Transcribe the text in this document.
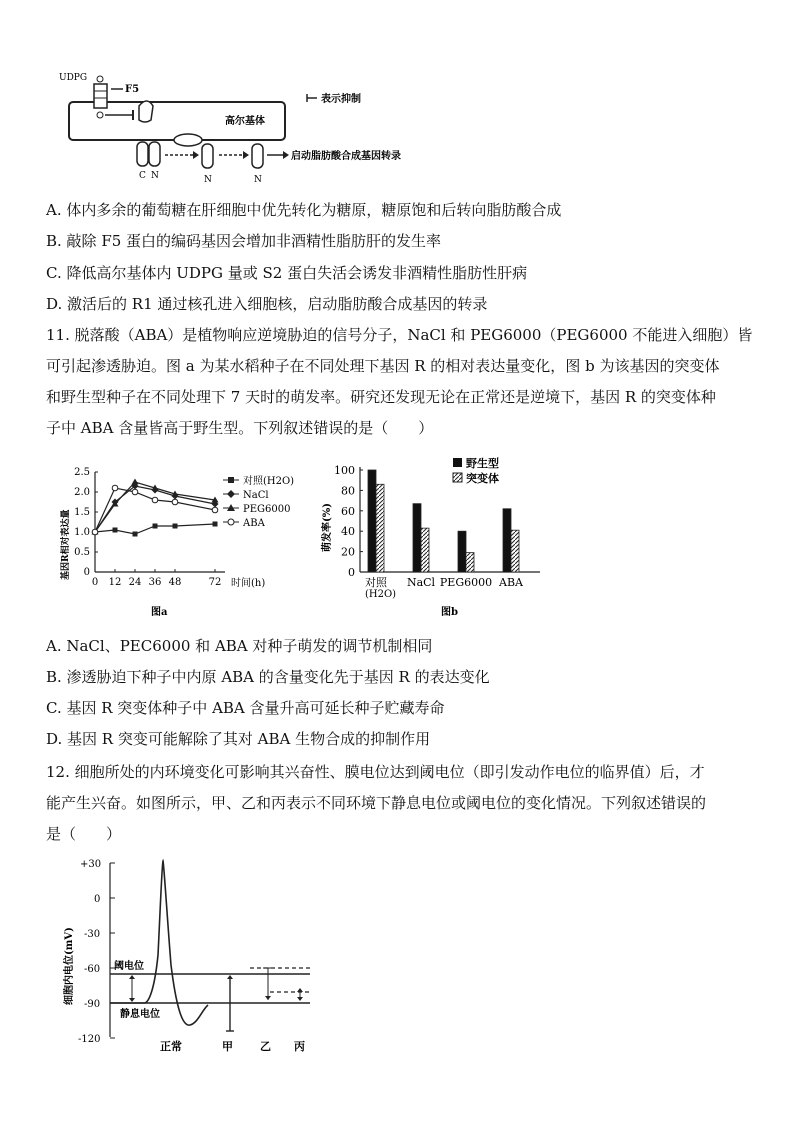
UDPG
F5
高尔基体
表示抑制
C N	N	N
启动脂肪酸合成基因转录
A. 体内多余的葡萄糖在肝细胞中优先转化为糖原，糖原饱和后转向脂肪酸合成
B. 敲除 F5 蛋白的编码基因会增加非酒精性脂肪肝的发生率
C. 降低高尔基体内 UDPG 量或 S2 蛋白失活会诱发非酒精性脂肪性肝病
D. 激活后的 R1 通过核孔进入细胞核，启动脂肪酸合成基因的转录
11. 脱落酸（ABA）是植物响应逆境胁迫的信号分子，NaCl 和 PEG6000（PEG6000 不能进入细胞）皆
可引起渗透胁迫。图 a 为某水稻种子在不同处理下基因 R 的相对表达量变化，图 b 为该基因的突变体
和野生型种子在不同处理下 7 天时的萌发率。研究还发现无论在正常还是逆境下，基因 R 的突变体种
子中 ABA 含量皆高于野生型。下列叙述错误的是（　　）
基因R相对表达量
时间(h)
图a
0
0.5
1.0
1.5
2.0
2.5
0 12 24 36 48	72
对照(H2O)
NaCl
PEG6000
ABA	萌发率(%)
图b
(H2O)
0
20
40
60
80
100
对照 NaCl PEG6000 ABA
野生型
突变体
A. NaCl、PEC6000 和 ABA 对种子萌发的调节机制相同
B. 渗透胁迫下种子中内原 ABA 的含量变化先于基因 R 的表达变化
C. 基因 R 突变体种子中 ABA 含量升高可延长种子贮藏寿命
D. 基因 R 突变可能解除了其对 ABA 生物合成的抑制作用
12. 细胞所处的内环境变化可影响其兴奋性、膜电位达到阈电位（即引发动作电位的临界值）后，才
能产生兴奋。如图所示，甲、乙和丙表示不同环境下静息电位或阈电位的变化情况。下列叙述错误的
是（　　）
细胞内电位(mV)
+30
0
-30
-60
-90
-120
阈电位
静息电位
正常	甲 乙 丙
